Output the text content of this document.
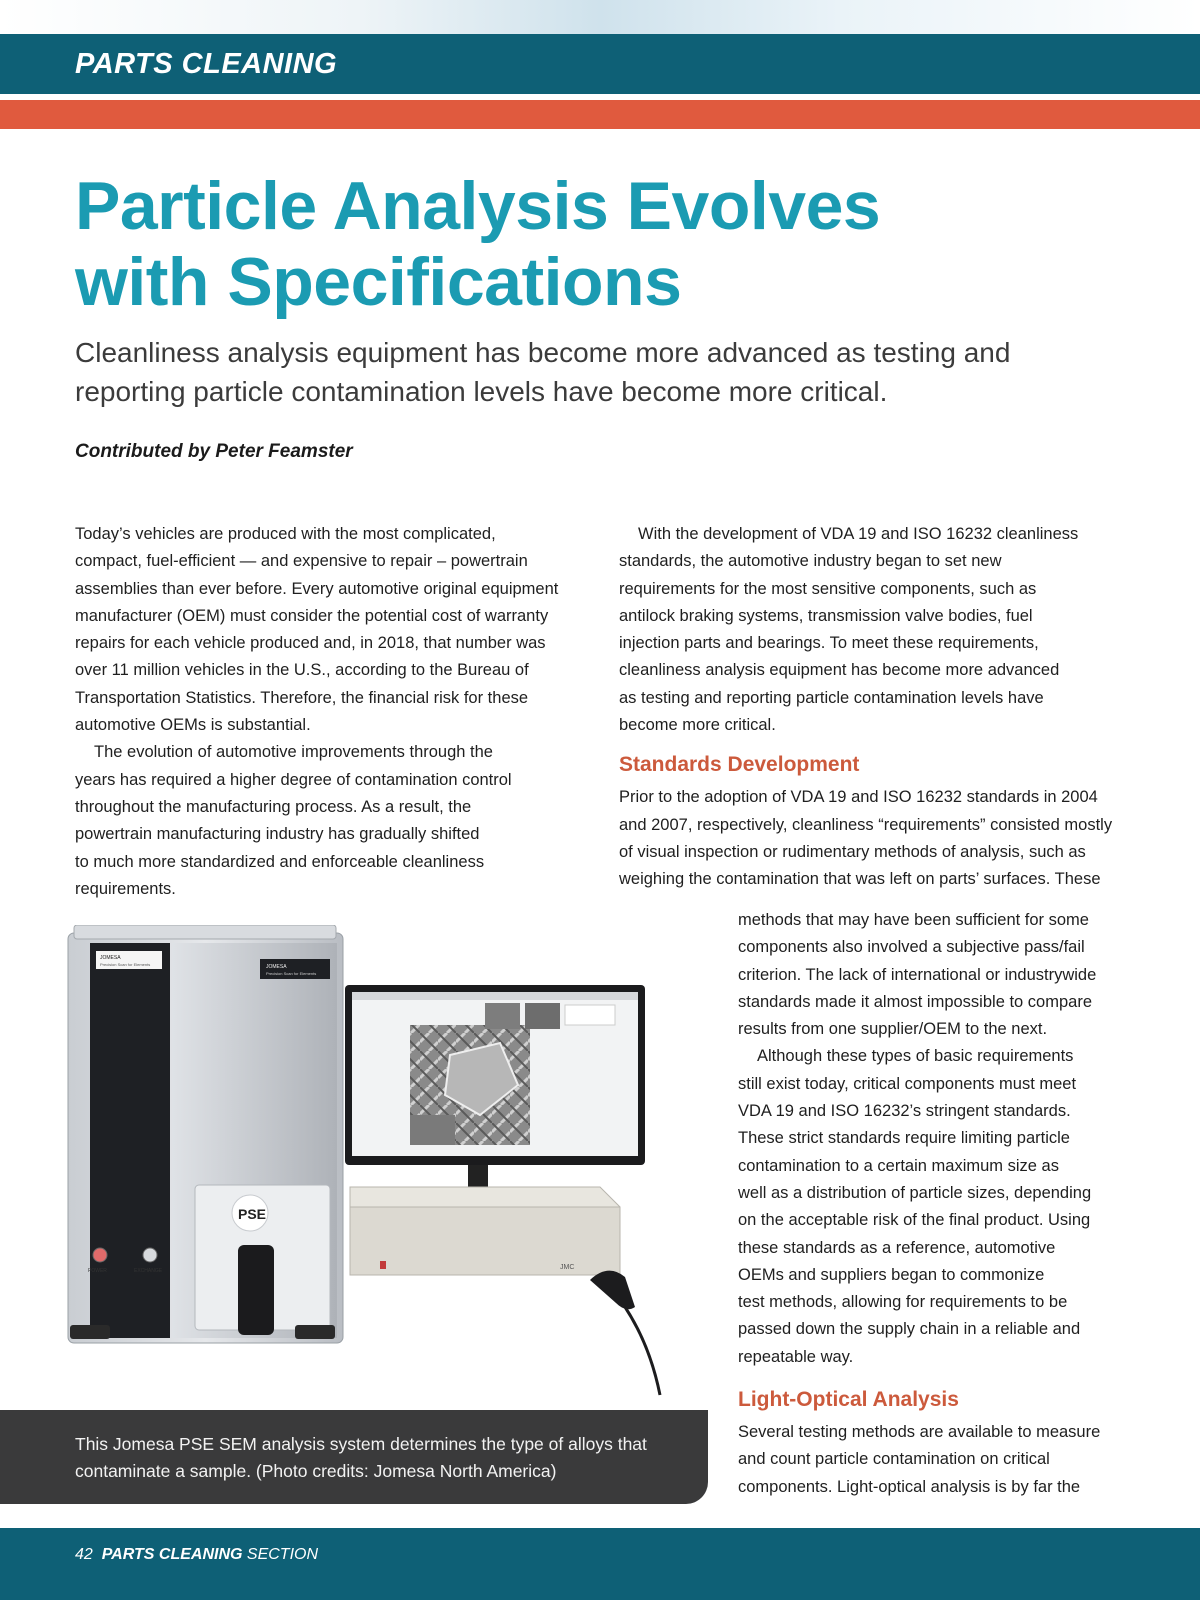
PARTS CLEANING
Particle Analysis Evolves
with Specifications

Cleanliness analysis equipment has become more advanced as testing and
reporting particle contamination levels have become more critical.

Contributed by Peter Feamster
Today’s vehicles are produced with the most complicated,
compact, fuel-efficient — and expensive to repair – powertrain
assemblies than ever before. Every automotive original equipment
manufacturer (OEM) must consider the potential cost of warranty
repairs for each vehicle produced and, in 2018, that number was
over 11 million vehicles in the U.S., according to the Bureau of
Transportation Statistics. Therefore, the financial risk for these
automotive OEMs is substantial.
The evolution of automotive improvements through the
years has required a higher degree of contamination control
throughout the manufacturing process. As a result, the
powertrain manufacturing industry has gradually shifted
to much more standardized and enforceable cleanliness
requirements.
With the development of VDA 19 and ISO 16232 cleanliness
standards, the automotive industry began to set new
requirements for the most sensitive components, such as
antilock braking systems, transmission valve bodies, fuel
injection parts and bearings. To meet these requirements,
cleanliness analysis equipment has become more advanced
as testing and reporting particle contamination levels have
become more critical.
Standards Development
Prior to the adoption of VDA 19 and ISO 16232 standards in 2004
and 2007, respectively, cleanliness “requirements” consisted mostly
of visual inspection or rudimentary methods of analysis, such as
weighing the contamination that was left on parts’ surfaces. These
methods that may have been sufficient for some
components also involved a subjective pass/fail
criterion. The lack of international or industrywide
standards made it almost impossible to compare
results from one supplier/OEM to the next.
Although these types of basic requirements
still exist today, critical components must meet
VDA 19 and ISO 16232’s stringent standards.
These strict standards require limiting particle
contamination to a certain maximum size as
well as a distribution of particle sizes, depending
on the acceptable risk of the final product. Using
these standards as a reference, automotive
OEMs and suppliers began to commonize
test methods, allowing for requirements to be
passed down the supply chain in a reliable and
repeatable way.
Light-Optical Analysis
Several testing methods are available to measure
and count particle contamination on critical
components. Light-optical analysis is by far the
JOMESA
Precision Scan for Elements	JOMESA
Precision Scan for Elements
PSE
POWER	EXCHANGE	JMC
This Jomesa PSE SEM analysis system determines the type of alloys that
contaminate a sample. (Photo credits: Jomesa North America)
42 PARTS CLEANING SECTION
